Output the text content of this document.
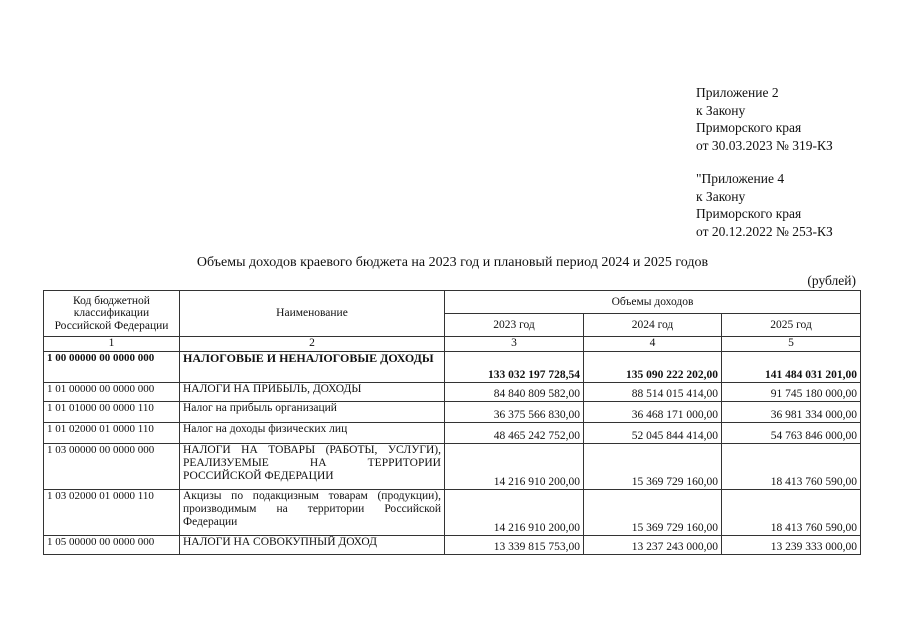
Приложение 2
к Закону
Приморского края
от 30.03.2023 № 319-КЗ
"Приложение 4
к Закону
Приморского края
от 20.12.2022 № 253-КЗ
Объемы доходов краевого бюджета на 2023 год и плановый период 2024 и 2025 годов
(рублей)
Код бюджетной классификации Российской Федерации	Наименование	Объемы доходов		
		2023 год	2024 год	2025 год
1	2	3	4	5
1 00 00000 00 0000 000	НАЛОГОВЫЕ И НЕНАЛОГОВЫЕ ДОХОДЫ	133 032 197 728,54	135 090 222 202,00	141 484 031 201,00
1 01 00000 00 0000 000	НАЛОГИ НА ПРИБЫЛЬ, ДОХОДЫ	84 840 809 582,00	88 514 015 414,00	91 745 180 000,00
1 01 01000 00 0000 110	Налог на прибыль организаций	36 375 566 830,00	36 468 171 000,00	36 981 334 000,00
1 01 02000 01 0000 110	Налог на доходы физических лиц	48 465 242 752,00	52 045 844 414,00	54 763 846 000,00
1 03 00000 00 0000 000	НАЛОГИ НА ТОВАРЫ (РАБОТЫ, УСЛУГИ), РЕАЛИЗУЕМЫЕ НА ТЕРРИТОРИИ РОССИЙСКОЙ ФЕДЕРАЦИИ	14 216 910 200,00	15 369 729 160,00	18 413 760 590,00
1 03 02000 01 0000 110	Акцизы по подакцизным товарам (продукции), производимым на территории Российской Федерации	14 216 910 200,00	15 369 729 160,00	18 413 760 590,00
1 05 00000 00 0000 000	НАЛОГИ НА СОВОКУПНЫЙ ДОХОД	13 339 815 753,00	13 237 243 000,00	13 239 333 000,00
